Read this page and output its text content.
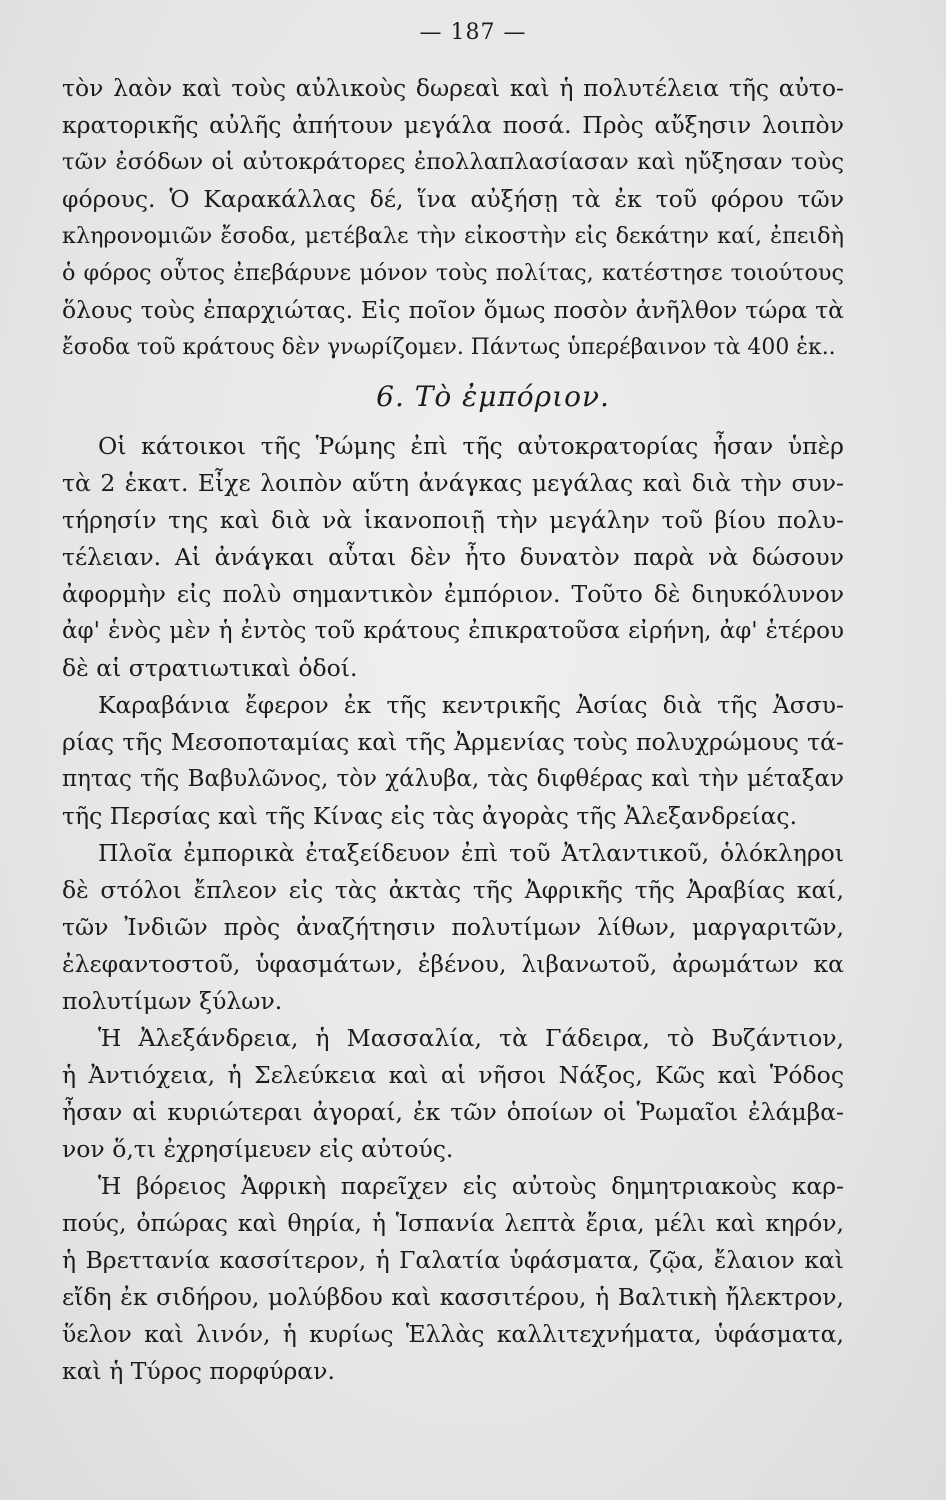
— 187 —
τὸν λαὸν καὶ τοὺς αὐλικοὺς δωρεαὶ καὶ ἡ πολυτέλεια τῆς αὐτο-
κρατορικῆς αὐλῆς ἀπήτουν μεγάλα ποσά. Πρὸς αὔξησιν λοιπὸν
τῶν ἐσόδων οἱ αὐτοκράτορες ἐπολλαπλασίασαν καὶ ηὔξησαν τοὺς
φόρους. Ὁ Καρακάλλας δέ, ἵνα αὐξήσῃ τὰ ἐκ τοῦ φόρου τῶν
κληρονομιῶν ἔσοδα, μετέβαλε τὴν εἰκοστὴν εἰς δεκάτην καί, ἐπειδὴ
ὁ φόρος οὗτος ἐπεβάρυνε μόνον τοὺς πολίτας, κατέστησε τοιούτους
ὅλους τοὺς ἐπαρχιώτας. Εἰς ποῖον ὅμως ποσὸν ἀνῆλθον τώρα τὰ
ἔσοδα τοῦ κράτους δὲν γνωρίζομεν. Πάντως ὑπερέβαινον τὰ 400 ἑκ..
6. Τὸ ἐμπόριον.
Οἱ κάτοικοι τῆς Ῥώμης ἐπὶ τῆς αὐτοκρατορίας ἦσαν ὑπὲρ
τὰ 2 ἑκατ. Εἶχε λοιπὸν αὕτη ἀνάγκας μεγάλας καὶ διὰ τὴν συν-
τήρησίν της καὶ διὰ νὰ ἱκανοποιῇ τὴν μεγάλην τοῦ βίου πολυ-
τέλειαν. Αἱ ἀνάγκαι αὗται δὲν ἦτο δυνατὸν παρὰ νὰ δώσουν
ἀφορμὴν εἰς πολὺ σημαντικὸν ἐμπόριον. Τοῦτο δὲ διηυκόλυνον
ἀφ' ἑνὸς μὲν ἡ ἐντὸς τοῦ κράτους ἐπικρατοῦσα εἰρήνη, ἀφ' ἑτέρου
δὲ αἱ στρατιωτικαὶ ὁδοί.
Καραβάνια ἔφερον ἐκ τῆς κεντρικῆς Ἀσίας διὰ τῆς Ἀσσυ-
ρίας τῆς Μεσοποταμίας καὶ τῆς Ἀρμενίας τοὺς πολυχρώμους τά-
πητας τῆς Βαβυλῶνος, τὸν χάλυβα, τὰς διφθέρας καὶ τὴν μέταξαν
τῆς Περσίας καὶ τῆς Κίνας εἰς τὰς ἀγορὰς τῆς Ἀλεξανδρείας.
Πλοῖα ἐμπορικὰ ἐταξείδευον ἐπὶ τοῦ Ἀτλαντικοῦ, ὁλόκληροι
δὲ στόλοι ἔπλεον εἰς τὰς ἀκτὰς τῆς Ἀφρικῆς τῆς Ἀραβίας καί,
τῶν Ἰνδιῶν πρὸς ἀναζήτησιν πολυτίμων λίθων, μαργαριτῶν,
ἐλεφαντοστοῦ, ὑφασμάτων, ἐβένου, λιβανωτοῦ, ἀρωμάτων κα
πολυτίμων ξύλων.
Ἡ Ἀλεξάνδρεια, ἡ Μασσαλία, τὰ Γάδειρα, τὸ Βυζάντιον,
ἡ Ἀντιόχεια, ἡ Σελεύκεια καὶ αἱ νῆσοι Νάξος, Κῶς καὶ Ῥόδος
ἦσαν αἱ κυριώτεραι ἀγοραί, ἐκ τῶν ὁποίων οἱ Ῥωμαῖοι ἐλάμβα-
νον ὅ,τι ἐχρησίμευεν εἰς αὐτούς.
Ἡ βόρειος Ἀφρικὴ παρεῖχεν εἰς αὐτοὺς δημητριακοὺς καρ-
πούς, ὀπώρας καὶ θηρία, ἡ Ἱσπανία λεπτὰ ἔρια, μέλι καὶ κηρόν,
ἡ Βρεττανία κασσίτερον, ἡ Γαλατία ὑφάσματα, ζῷα, ἔλαιον καὶ
εἴδη ἐκ σιδήρου, μολύβδου καὶ κασσιτέρου, ἡ Βαλτικὴ ἤλεκτρον,
ὕελον καὶ λινόν, ἡ κυρίως Ἑλλὰς καλλιτεχνήματα, ὑφάσματα,
καὶ ἡ Τύρος πορφύραν.
